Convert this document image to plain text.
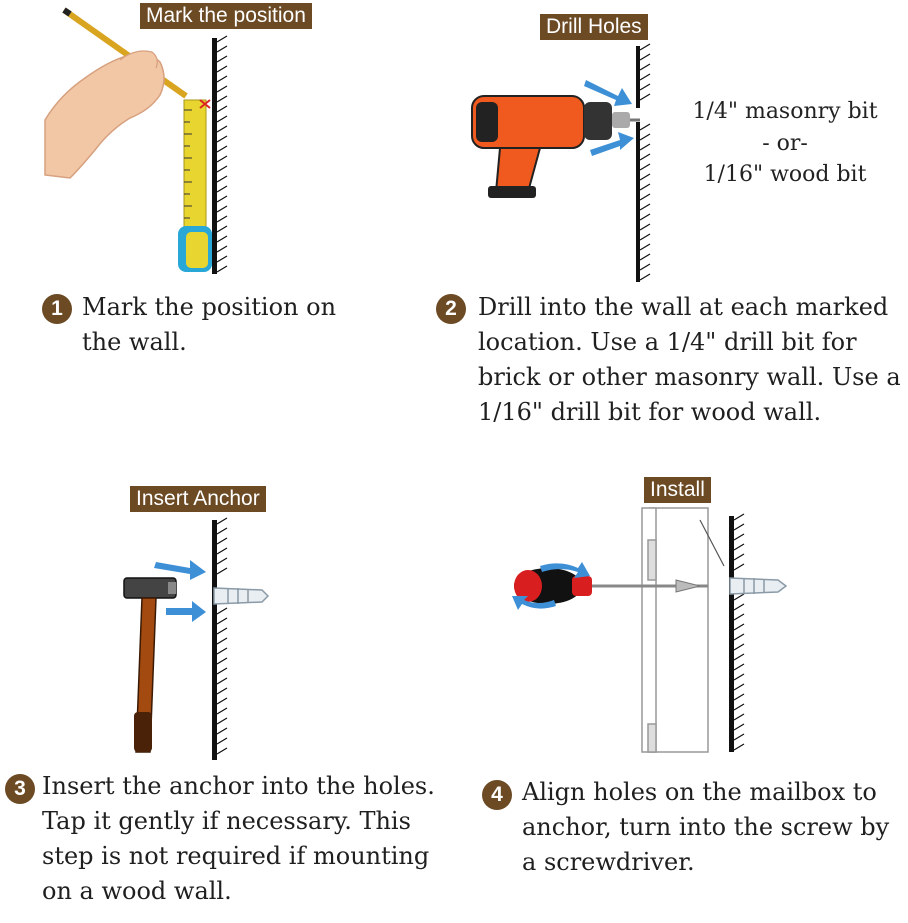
Mark the position
1 Mark the position on the wall.
Drill Holes
1/4" masonry bit
- or-
1/16" wood bit
2 Drill into the wall at each marked location. Use a 1/4" drill bit for brick or other masonry wall. Use a 1/16" drill bit for wood wall.
Insert Anchor
3 Insert the anchor into the holes. Tap it gently if necessary. This step is not required if mounting on a wood wall.
Install
4 Align holes on the mailbox to anchor, turn into the screw by a screwdriver.
